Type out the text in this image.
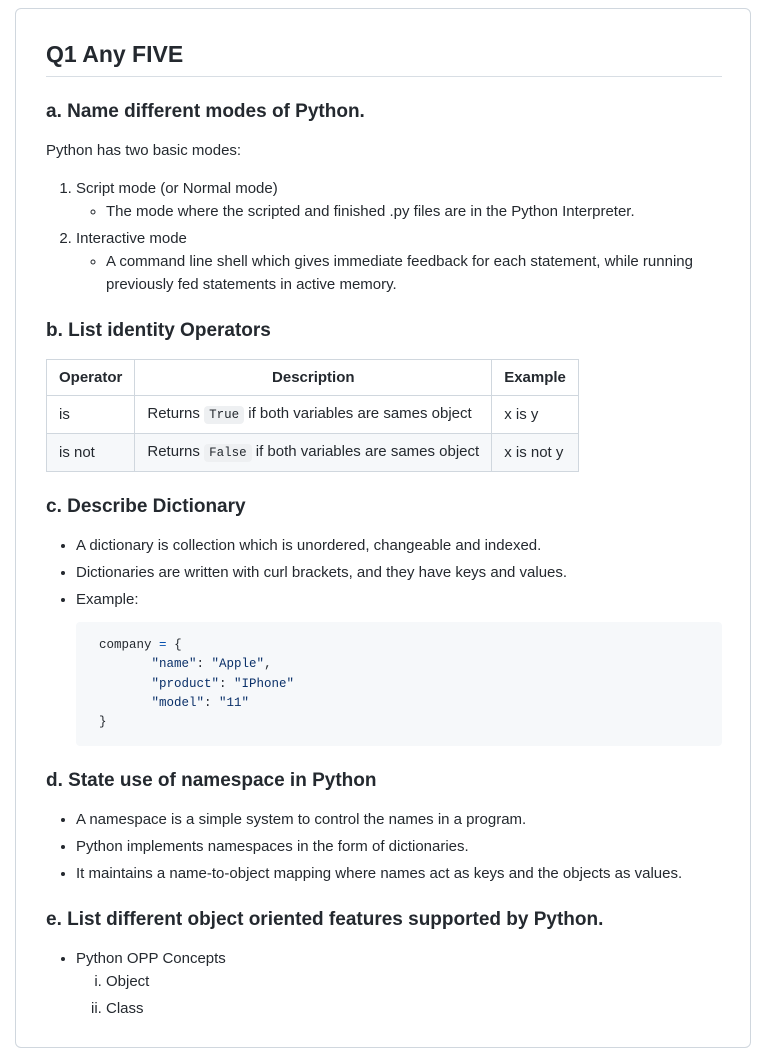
Q1 Any FIVE
a. Name different modes of Python.

Python has two basic modes:

1. Script mode (or Normal mode)
◦ The mode where the scripted and finished .py files are in the Python Interpreter.
2. Interactive mode
◦ A command line shell which gives immediate feedback for each statement, while running previously fed statements in active memory.
b. List identity Operators
Operator	Description	Example
is	Returns True if both variables are sames object	x is y
is not	Returns False if both variables are sames object	x is not y
c. Describe Dictionary
• A dictionary is collection which is unordered, changeable and indexed.
• Dictionaries are written with curl brackets, and they have keys and values.
• Example:
company = {
"name": "Apple",
"product": "IPhone"
"model": "11"
}
d. State use of namespace in Python
• A namespace is a simple system to control the names in a program.
• Python implements namespaces in the form of dictionaries.
• It maintains a name-to-object mapping where names act as keys and the objects as values.
e. List different object oriented features supported by Python.
• Python OPP Concepts
i. Object
ii. Class
